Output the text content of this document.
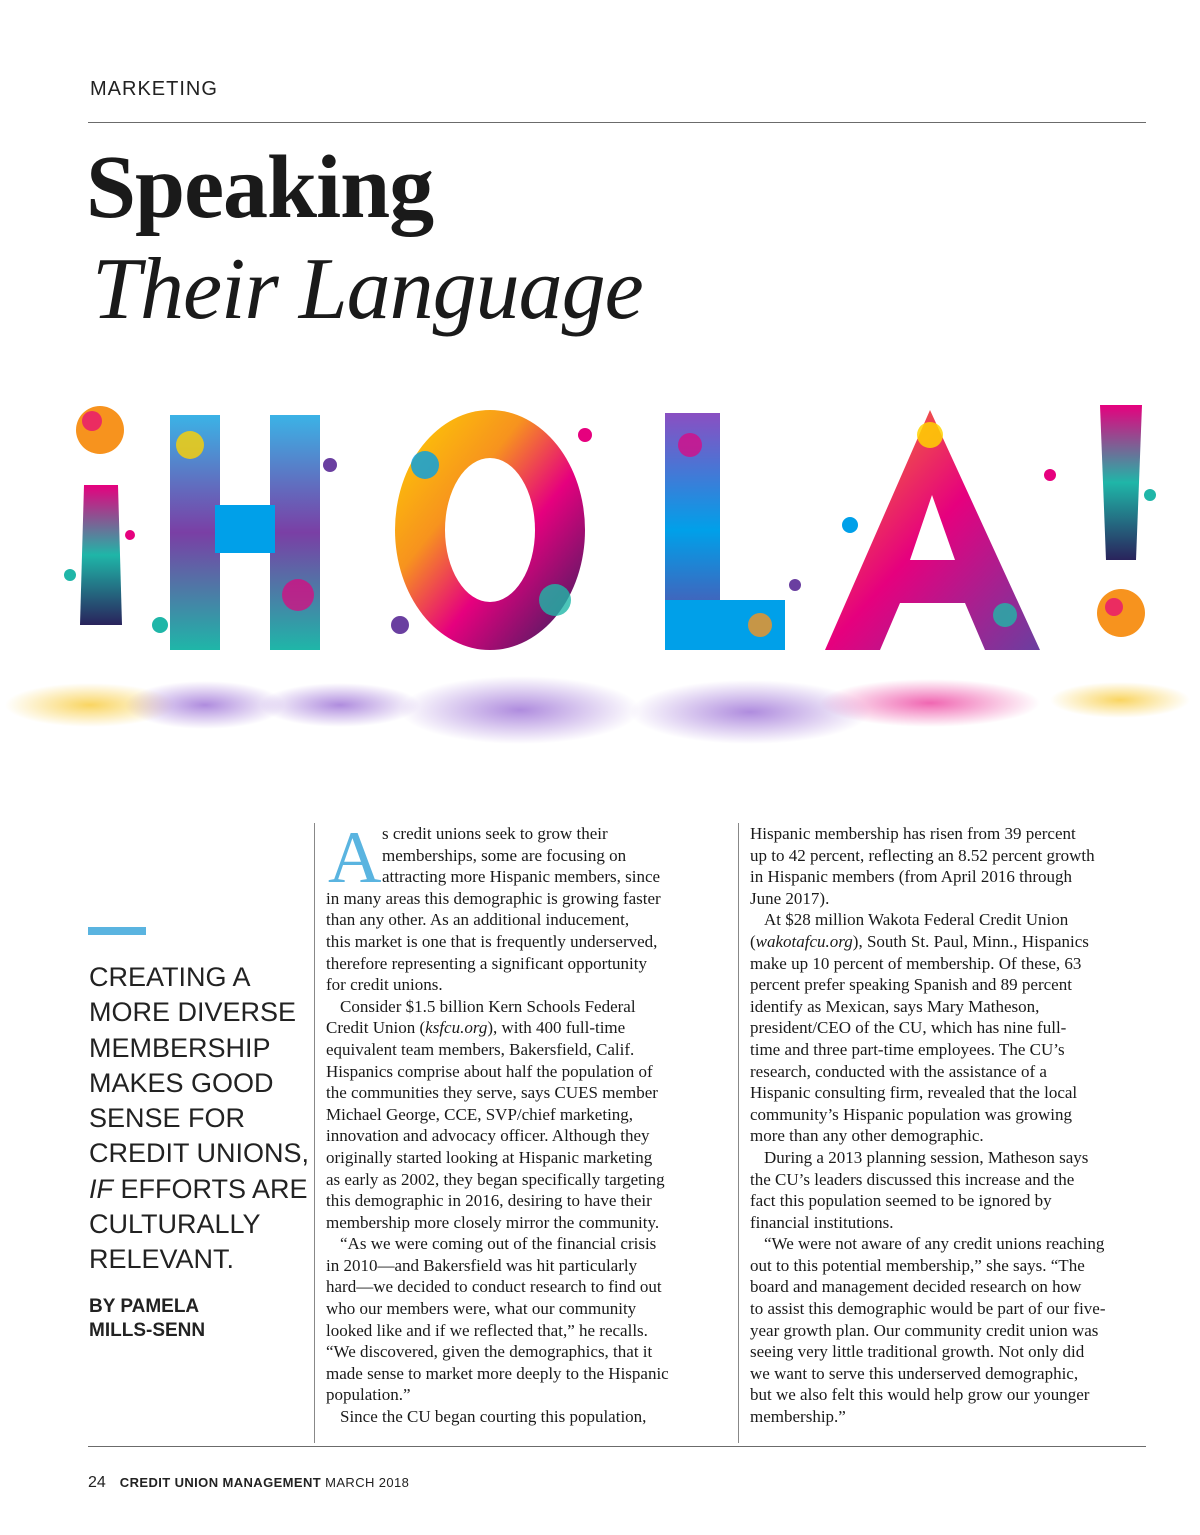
MARKETING
Speaking
Their Language
CREATING A
MORE DIVERSE
MEMBERSHIP
MAKES GOOD
SENSE FOR
CREDIT UNIONS,
IF EFFORTS ARE
CULTURALLY
RELEVANT.
BY PAMELA
MILLS-SENN
A s credit unions seek to grow their
memberships, some are focusing on
attracting more Hispanic members, since
in many areas this demographic is growing faster
than any other. As an additional inducement,
this market is one that is frequently underserved,
therefore representing a significant opportunity
for credit unions.
Consider $1.5 billion Kern Schools Federal
Credit Union (ksfcu.org), with 400 full-time
equivalent team members, Bakersfield, Calif.
Hispanics comprise about half the population of
the communities they serve, says CUES member
Michael George, CCE, SVP/chief marketing,
innovation and advocacy officer. Although they
originally started looking at Hispanic marketing
as early as 2002, they began specifically targeting
this demographic in 2016, desiring to have their
membership more closely mirror the community.
“As we were coming out of the financial crisis
in 2010—and Bakersfield was hit particularly
hard—we decided to conduct research to find out
who our members were, what our community
looked like and if we reflected that,” he recalls.
“We discovered, given the demographics, that it
made sense to market more deeply to the Hispanic
population.”
Since the CU began courting this population,
Hispanic membership has risen from 39 percent
up to 42 percent, reflecting an 8.52 percent growth
in Hispanic members (from April 2016 through
June 2017).
At $28 million Wakota Federal Credit Union
(wakotafcu.org), South St. Paul, Minn., Hispanics
make up 10 percent of membership. Of these, 63
percent prefer speaking Spanish and 89 percent
identify as Mexican, says Mary Matheson,
president/CEO of the CU, which has nine full-
time and three part-time employees. The CU’s
research, conducted with the assistance of a
Hispanic consulting firm, revealed that the local
community’s Hispanic population was growing
more than any other demographic.
During a 2013 planning session, Matheson says
the CU’s leaders discussed this increase and the
fact this population seemed to be ignored by
financial institutions.
“We were not aware of any credit unions reaching
out to this potential membership,” she says. “The
board and management decided research on how
to assist this demographic would be part of our five-
year growth plan. Our community credit union was
seeing very little traditional growth. Not only did
we want to serve this underserved demographic,
but we also felt this would help grow our younger
membership.”
24 CREDIT UNION MANAGEMENT MARCH 2018
